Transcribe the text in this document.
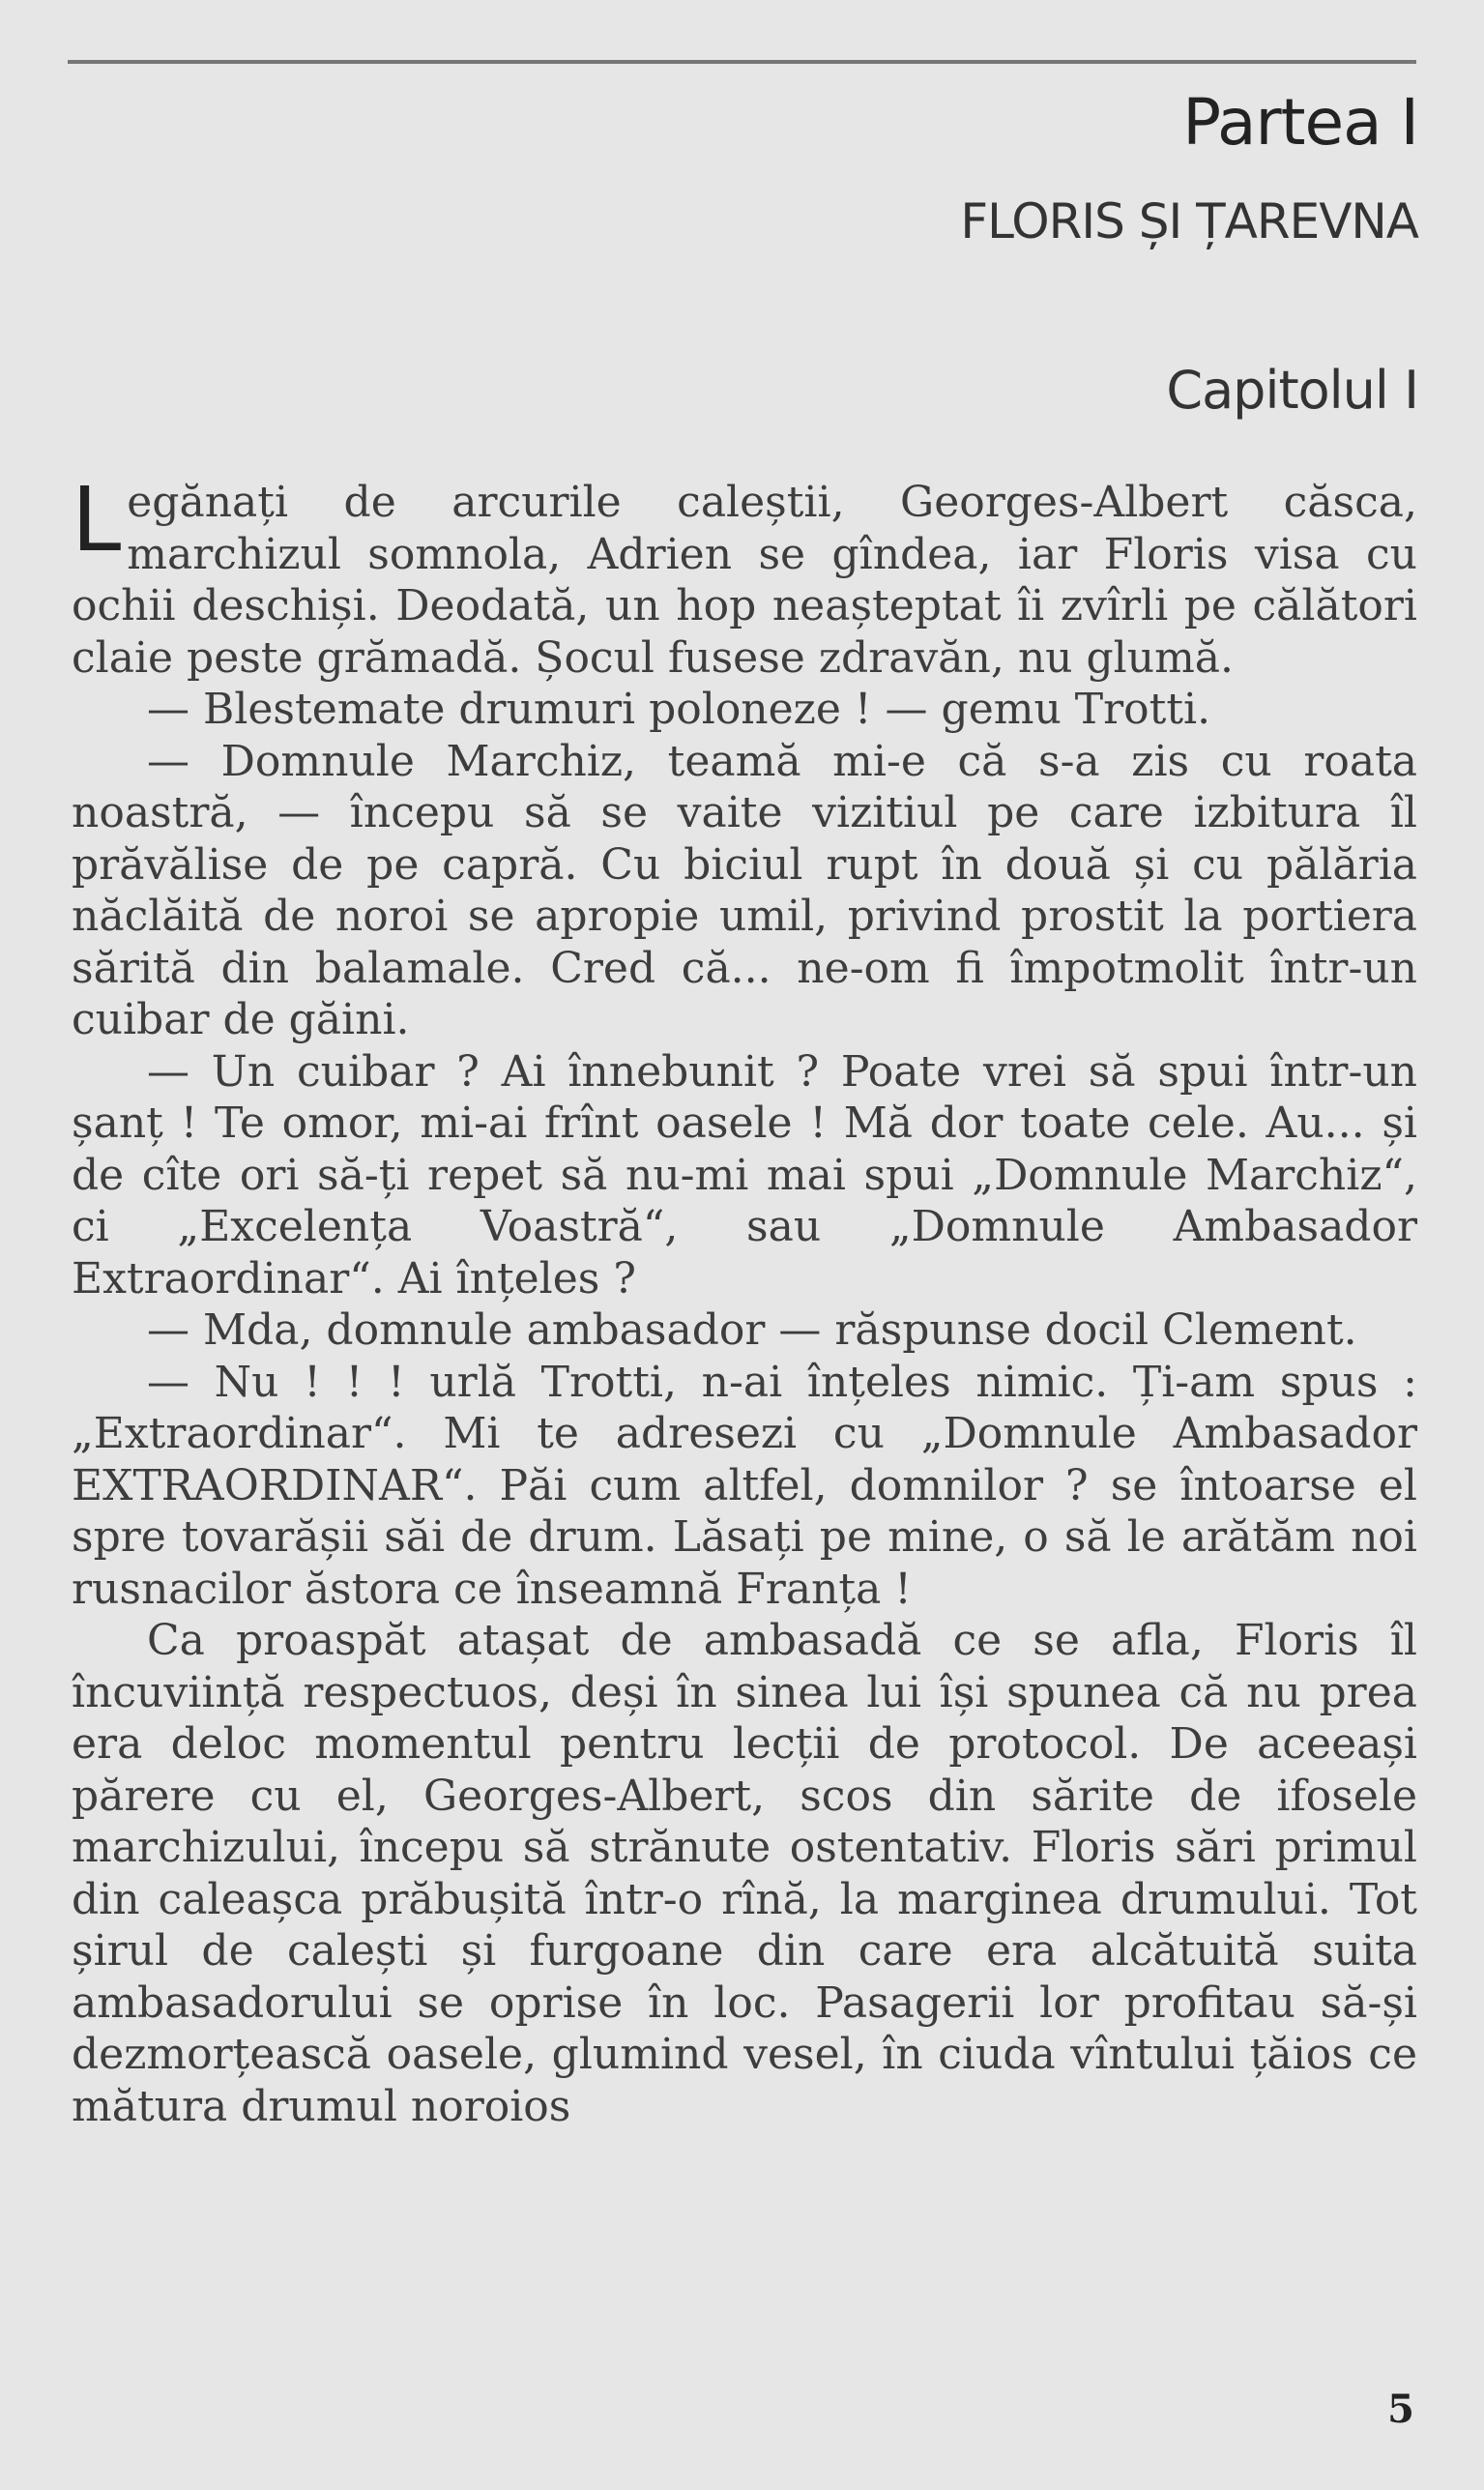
Partea I
FLORIS ȘI ȚAREVNA
Capitolul I

Legănați de arcurile caleștii, Georges-Albert căsca, marchizul somnola, Adrien se gîndea, iar Floris visa cu ochii deschiși. Deodată, un hop neașteptat îi zvîrli pe călători claie peste grămadă. Șocul fusese zdravăn, nu glumă.

— Blestemate drumuri poloneze ! — gemu Trotti.

— Domnule Marchiz, teamă mi-e că s-a zis cu roata noastră, — începu să se vaite vizitiul pe care izbitura îl prăvălise de pe capră. Cu biciul rupt în două și cu pălăria năclăită de noroi se apropie umil, privind prostit la portiera sărită din balamale. Cred că... ne-om fi împotmolit într-un cuibar de găini.

— Un cuibar ? Ai înnebunit ? Poate vrei să spui într-un șanț ! Te omor, mi-ai frînt oasele ! Mă dor toate cele. Au... și de cîte ori să-ți repet să nu-mi mai spui „Domnule Marchiz“, ci „Excelența Voastră“, sau „Domnule Ambasador Extraordinar“. Ai înțeles ?

— Mda, domnule ambasador — răspunse docil Clement.

— Nu ! ! ! urlă Trotti, n-ai înțeles nimic. Ți-am spus : „Extraordinar“. Mi te adresezi cu „Domnule Ambasador EXTRAORDINAR“. Păi cum altfel, domnilor ? se întoarse el spre tovarășii săi de drum. Lăsați pe mine, o să le arătăm noi rusnacilor ăstora ce înseamnă Franța !

Ca proaspăt atașat de ambasadă ce se afla, Floris îl încuviință respectuos, deși în sinea lui își spunea că nu prea era deloc momentul pentru lecții de protocol. De aceeași părere cu el, Georges-Albert, scos din sărite de ifosele marchizului, începu să strănute ostentativ. Floris sări primul din caleașca prăbușită într-o rînă, la marginea drumului. Tot șirul de calești și furgoane din care era alcătuită suita ambasadorului se oprise în loc. Pasagerii lor profitau să-și dezmorțească oasele, glumind vesel, în ciuda vîntului țăios ce mătura drumul noroios

5
